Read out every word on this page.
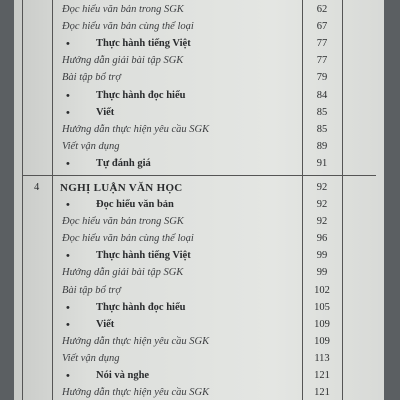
Đọc hiểu văn bản trong SGK	62
Đọc hiểu văn bản cùng thể loại	67
• Thực hành tiếng Việt	77
Hướng dẫn giải bài tập SGK	77
Bài tập bổ trợ	79
• Thực hành đọc hiểu	84
• Viết	85
Hướng dẫn thực hiện yêu cầu SGK	85
Viết vận dụng	89
• Tự đánh giá	91
4 NGHỊ LUẬN VĂN HỌC	92
• Đọc hiểu văn bản	92
Đọc hiểu văn bản trong SGK	92
Đọc hiểu văn bản cùng thể loại	96
• Thực hành tiếng Việt	99
Hướng dẫn giải bài tập SGK	99
Bài tập bổ trợ	102
• Thực hành đọc hiểu	105
• Viết	109
Hướng dẫn thực hiện yêu cầu SGK	109
Viết vận dụng	113
• Nói và nghe	121
Hướng dẫn thực hiện yêu cầu SGK	121
